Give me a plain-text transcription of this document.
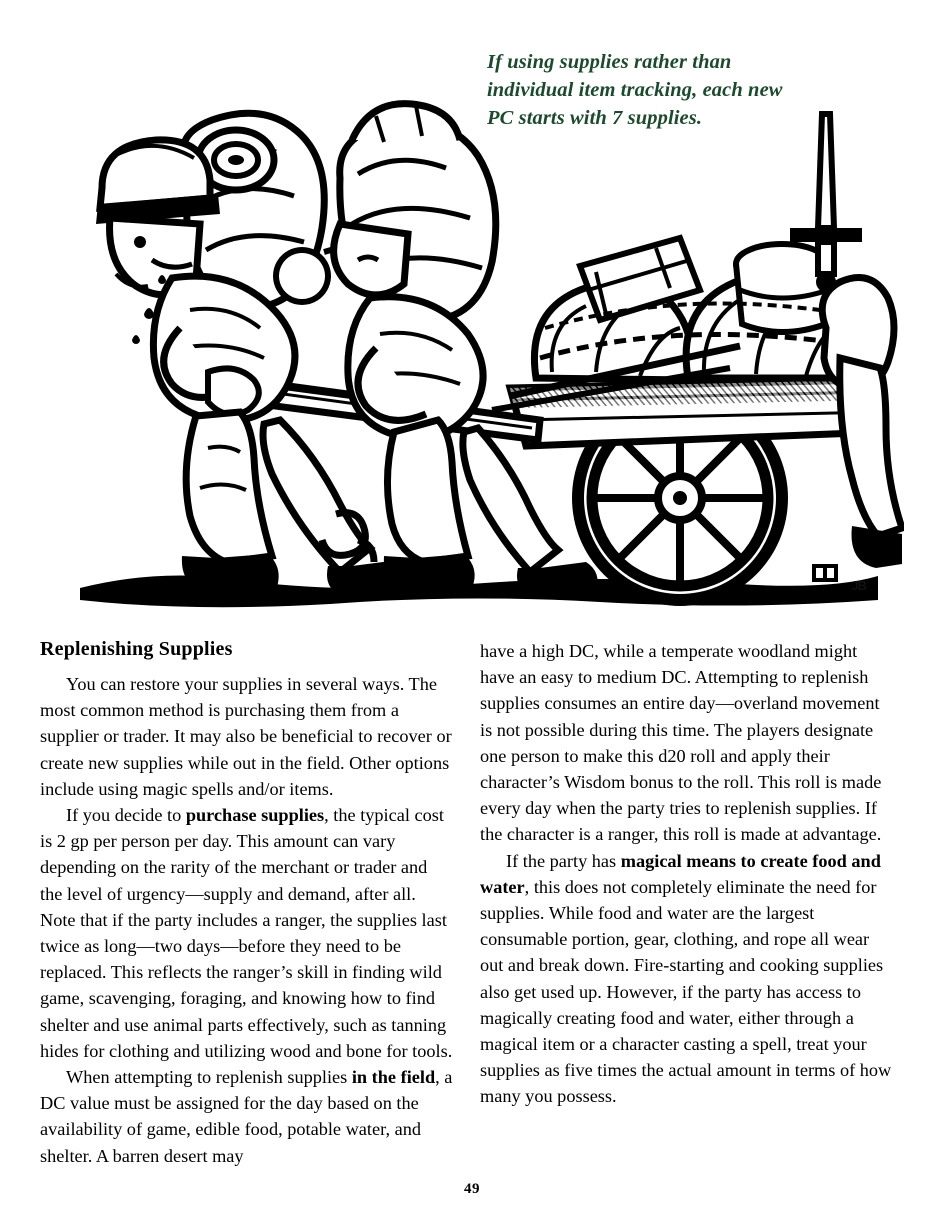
JB
If using supplies rather than individual item tracking, each new PC starts with 7 supplies.
Replenishing Supplies

You can restore your supplies in several ways. The most common method is purchasing them from a supplier or trader. It may also be beneficial to recover or create new supplies while out in the field. Other options include using magic spells and/or items.

If you decide to purchase supplies, the typical cost is 2 gp per person per day. This amount can vary depending on the rarity of the merchant or trader and the level of urgency—supply and demand, after all. Note that if the party includes a ranger, the supplies last twice as long—two days—before they need to be replaced. This reflects the ranger’s skill in finding wild game, scavenging, foraging, and knowing how to find shelter and use animal parts effectively, such as tanning hides for clothing and utilizing wood and bone for tools.

When attempting to replenish supplies in the field, a DC value must be assigned for the day based on the availability of game, edible food, potable water, and shelter. A barren desert may

have a high DC, while a temperate woodland might have an easy to medium DC. Attempting to replenish supplies consumes an entire day—overland movement is not possible during this time. The players designate one person to make this d20 roll and apply their character’s Wisdom bonus to the roll. This roll is made every day when the party tries to replenish supplies. If the character is a ranger, this roll is made at advantage.

If the party has magical means to create food and water, this does not completely eliminate the need for supplies. While food and water are the largest consumable portion, gear, clothing, and rope all wear out and break down. Fire-starting and cooking supplies also get used up. However, if the party has access to magically creating food and water, either through a magical item or a character casting a spell, treat your supplies as five times the actual amount in terms of how many you possess.

49
